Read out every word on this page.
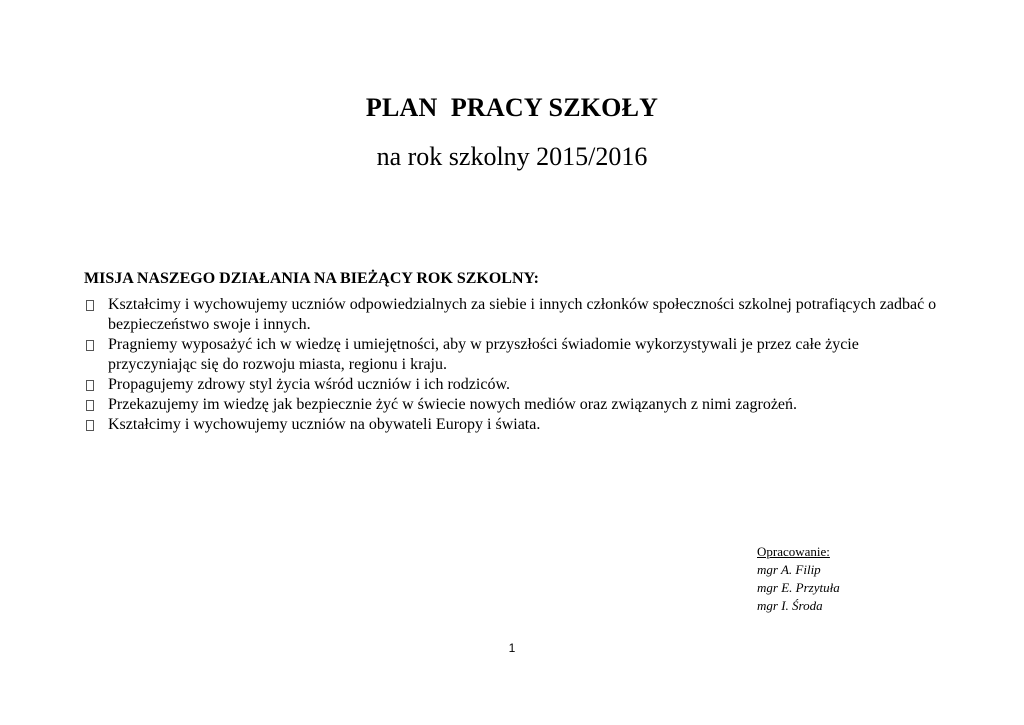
PLAN  PRACY SZKOŁY
na rok szkolny 2015/2016
MISJA NASZEGO DZIAŁANIA NA BIEŻĄCY ROK SZKOLNY:
Kształcimy i wychowujemy uczniów odpowiedzialnych za siebie i innych członków społeczności szkolnej potrafiących zadbać o bezpieczeństwo swoje i innych.
Pragniemy wyposażyć ich w wiedzę i umiejętności, aby w przyszłości świadomie wykorzystywali je przez całe życie przyczyniając się do rozwoju miasta, regionu i kraju.
Propagujemy zdrowy styl życia wśród uczniów i ich rodziców.
Przekazujemy im wiedzę jak bezpiecznie żyć w świecie nowych mediów oraz związanych z nimi zagrożeń.
Kształcimy i wychowujemy uczniów na obywateli Europy i świata.
Opracowanie:
mgr A. Filip
mgr E. Przytuła
mgr I. Środa
1
